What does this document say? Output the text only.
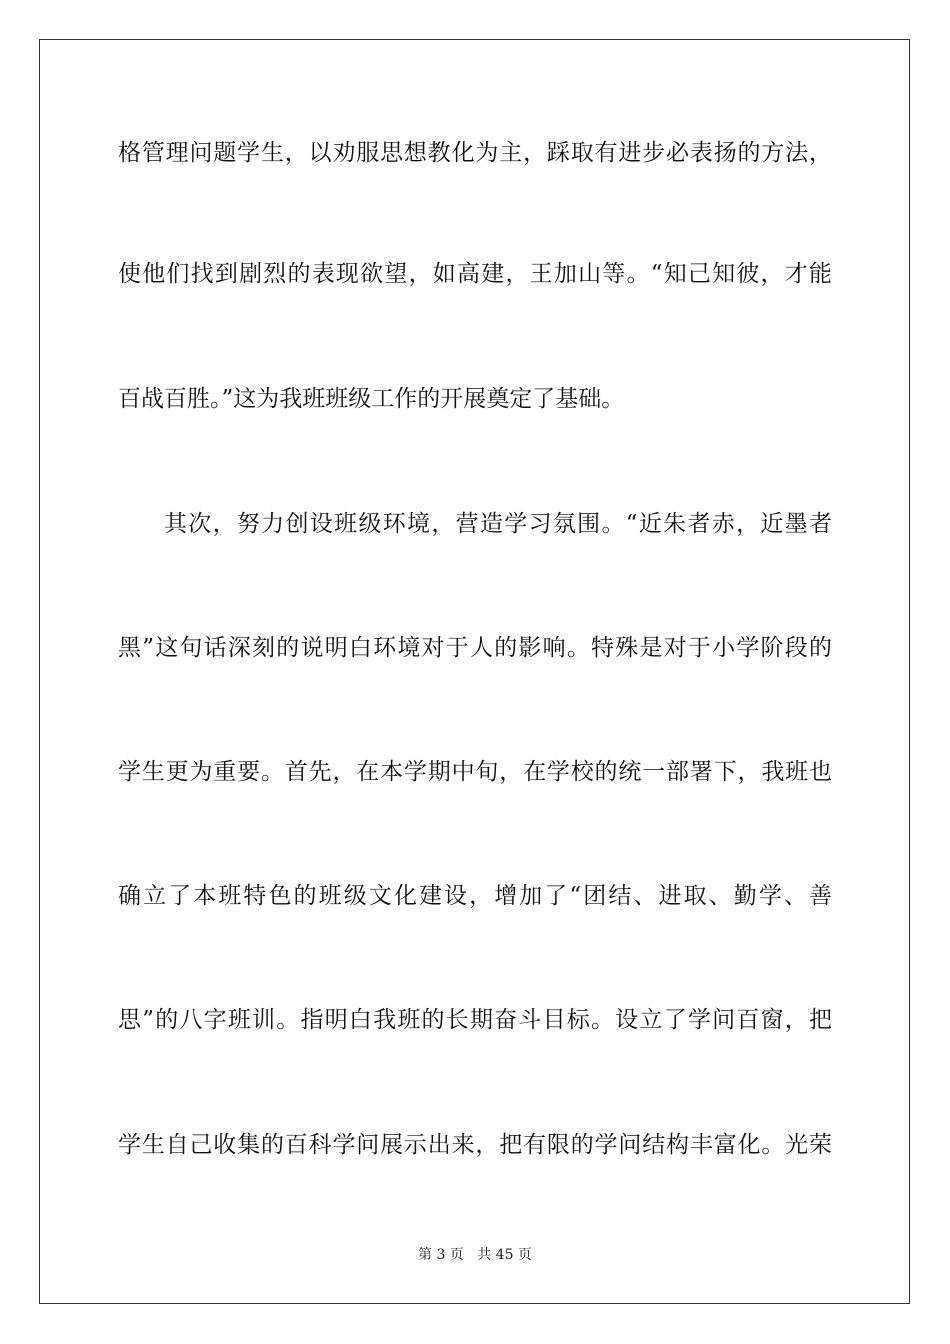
格管理问题学生，以劝服思想教化为主，踩取有进步必表扬的方法，
使他们找到剧烈的表现欲望，如高建，王加山等。“知己知彼，才能
百战百胜。”这为我班班级工作的开展奠定了基础。
其次，努力创设班级环境，营造学习氛围。“近朱者赤，近墨者
黑”这句话深刻的说明白环境对于人的影响。特殊是对于小学阶段的
学生更为重要。首先，在本学期中旬，在学校的统一部署下，我班也
确立了本班特色的班级文化建设，增加了“团结、进取、勤学、善
思”的八字班训。指明白我班的长期奋斗目标。设立了学问百窗，把
学生自己收集的百科学问展示出来，把有限的学问结构丰富化。光荣
第 3 页 共 45 页
